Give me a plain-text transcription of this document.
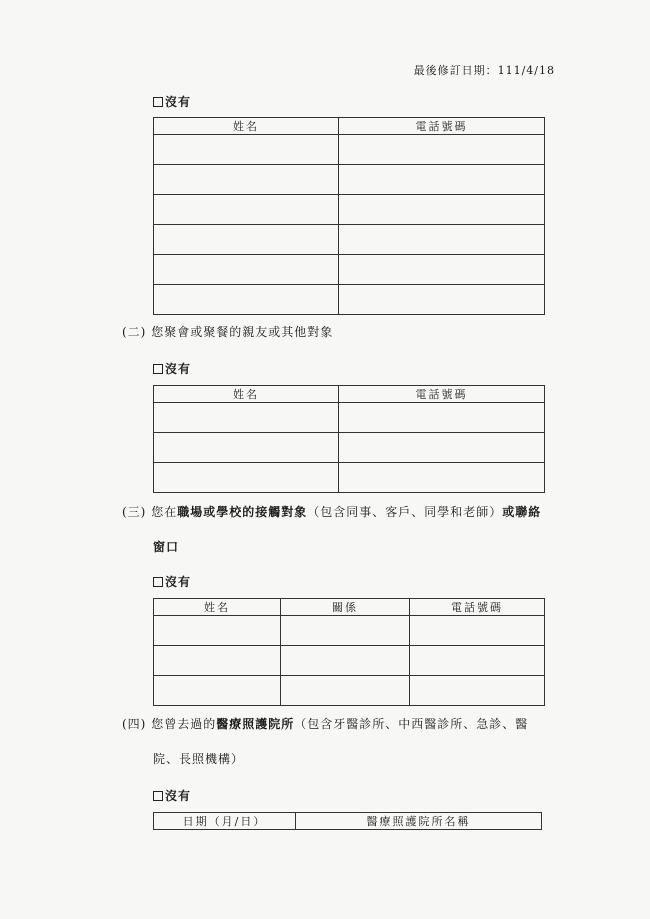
最後修訂日期：111/4/18
沒有
姓名	電話號碼

(二) 您聚會或聚餐的親友或其他對象
沒有
姓名	電話號碼

(三) 您在職場或學校的接觸對象（包含同事、客戶、同學和老師）或聯絡
窗口
沒有
姓名	關係	電話號碼

(四) 您曾去過的醫療照護院所（包含牙醫診所、中西醫診所、急診、醫
院、長照機構）
沒有
日期（月/日）	醫療照護院所名稱
